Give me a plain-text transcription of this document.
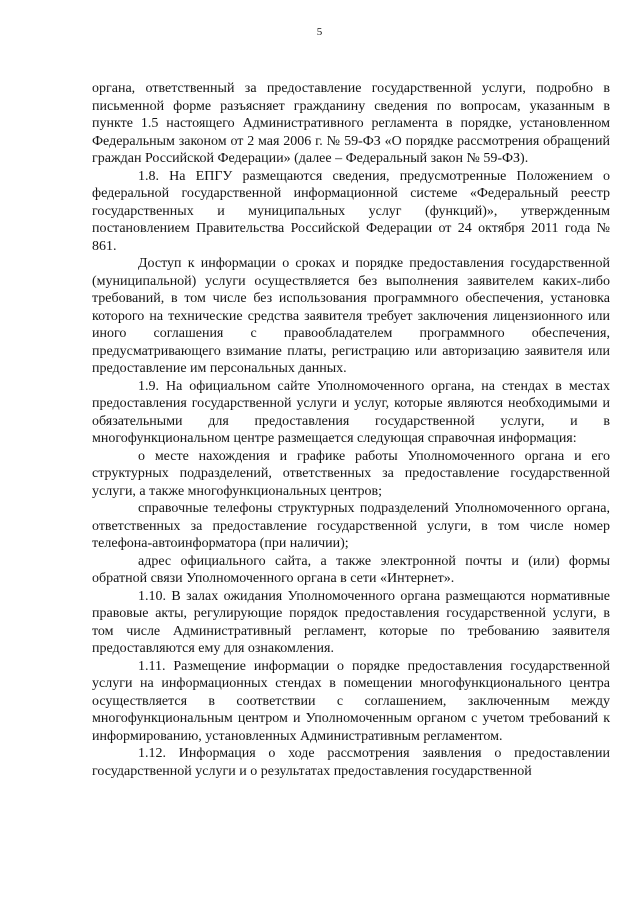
5

органа, ответственный за предоставление государственной услуги, подробно в письменной форме разъясняет гражданину сведения по вопросам, указанным в пункте 1.5 настоящего Административного регламента в порядке, установленном Федеральным законом от 2 мая 2006 г. № 59-ФЗ «О порядке рассмотрения обращений граждан Российской Федерации» (далее – Федеральный закон № 59-ФЗ).

1.8. На ЕПГУ размещаются сведения, предусмотренные Положением о федеральной государственной информационной системе «Федеральный реестр государственных и муниципальных услуг (функций)», утвержденным постановлением Правительства Российской Федерации от 24 октября 2011 года № 861.

Доступ к информации о сроках и порядке предоставления государственной (муниципальной) услуги осуществляется без выполнения заявителем каких-либо требований, в том числе без использования программного обеспечения, установка которого на технические средства заявителя требует заключения лицензионного или иного соглашения с правообладателем программного обеспечения, предусматривающего взимание платы, регистрацию или авторизацию заявителя или предоставление им персональных данных.

1.9. На официальном сайте Уполномоченного органа, на стендах в местах предоставления государственной услуги и услуг, которые являются необходимыми и обязательными для предоставления государственной услуги, и в многофункциональном центре размещается следующая справочная информация:

о месте нахождения и графике работы Уполномоченного органа и его структурных подразделений, ответственных за предоставление государственной услуги, а также многофункциональных центров;

справочные телефоны структурных подразделений Уполномоченного органа, ответственных за предоставление государственной услуги, в том числе номер телефона-автоинформатора (при наличии);

адрес официального сайта, а также электронной почты и (или) формы обратной связи Уполномоченного органа в сети «Интернет».

1.10. В залах ожидания Уполномоченного органа размещаются нормативные правовые акты, регулирующие порядок предоставления государственной услуги, в том числе Административный регламент, которые по требованию заявителя предоставляются ему для ознакомления.

1.11. Размещение информации о порядке предоставления государственной услуги на информационных стендах в помещении многофункционального центра осуществляется в соответствии с соглашением, заключенным между многофункциональным центром и Уполномоченным органом с учетом требований к информированию, установленных Административным регламентом.

1.12. Информация о ходе рассмотрения заявления о предоставлении государственной услуги и о результатах предоставления государственной
